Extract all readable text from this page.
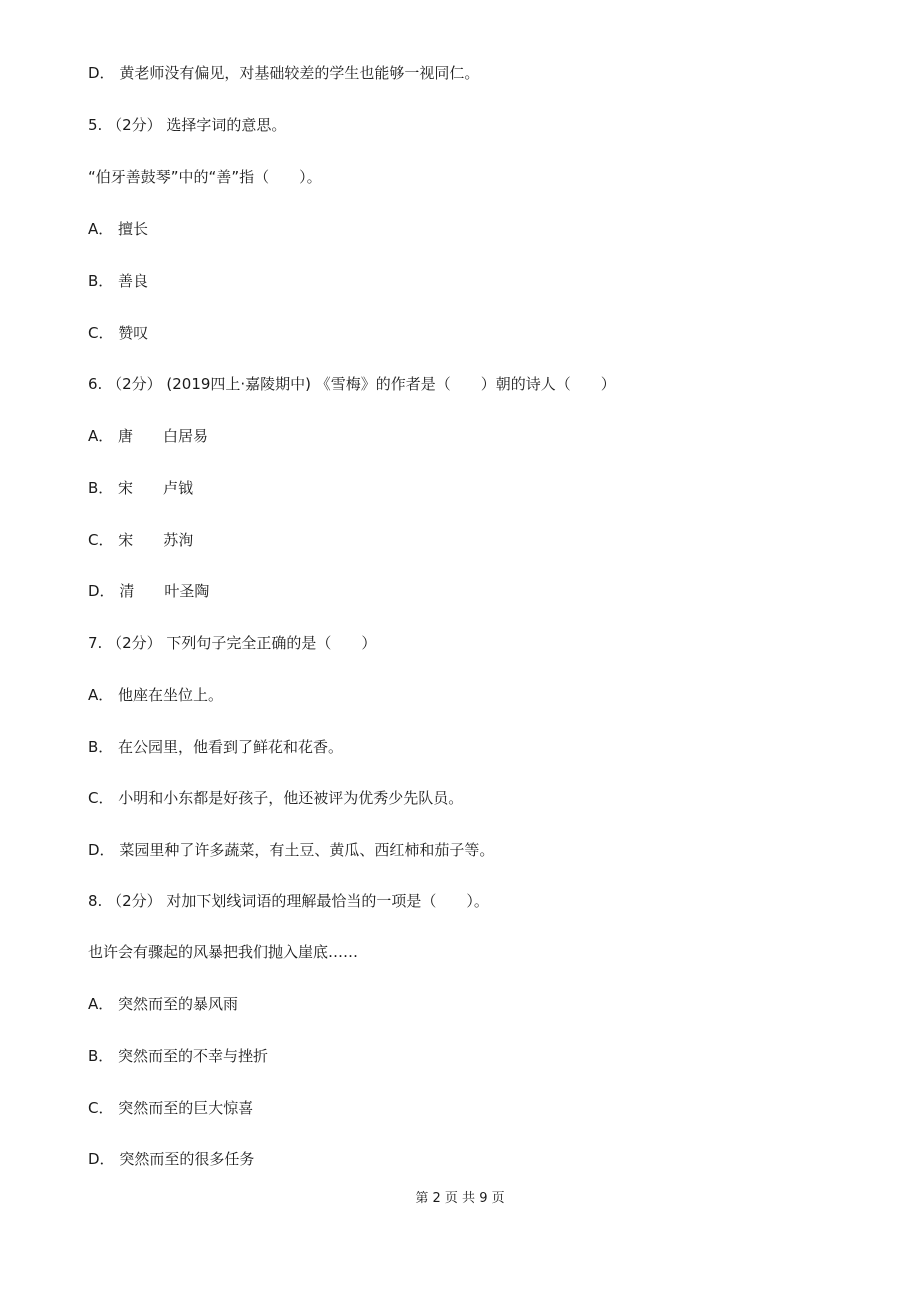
D． 黄老师没有偏见，对基础较差的学生也能够一视同仁。
5. （2分） 选择字词的意思。
“伯牙善鼓琴”中的“善”指（　　）。
A． 擅长
B． 善良
C． 赞叹
6. （2分） (2019四上·嘉陵期中) 《雪梅》的作者是（　　）朝的诗人（　　）
A． 唐　　白居易
B． 宋　　卢钺
C． 宋　　苏洵
D． 清　　叶圣陶
7. （2分） 下列句子完全正确的是（　　）
A． 他座在坐位上。
B． 在公园里，他看到了鲜花和花香。
C． 小明和小东都是好孩子，他还被评为优秀少先队员。
D． 菜园里种了许多蔬菜，有土豆、黄瓜、西红柿和茄子等。
8. （2分） 对加下划线词语的理解最恰当的一项是（　　）。
也许会有骤起的风暴把我们抛入崖底……
A． 突然而至的暴风雨
B． 突然而至的不幸与挫折
C． 突然而至的巨大惊喜
D． 突然而至的很多任务
第 2 页 共 9 页
